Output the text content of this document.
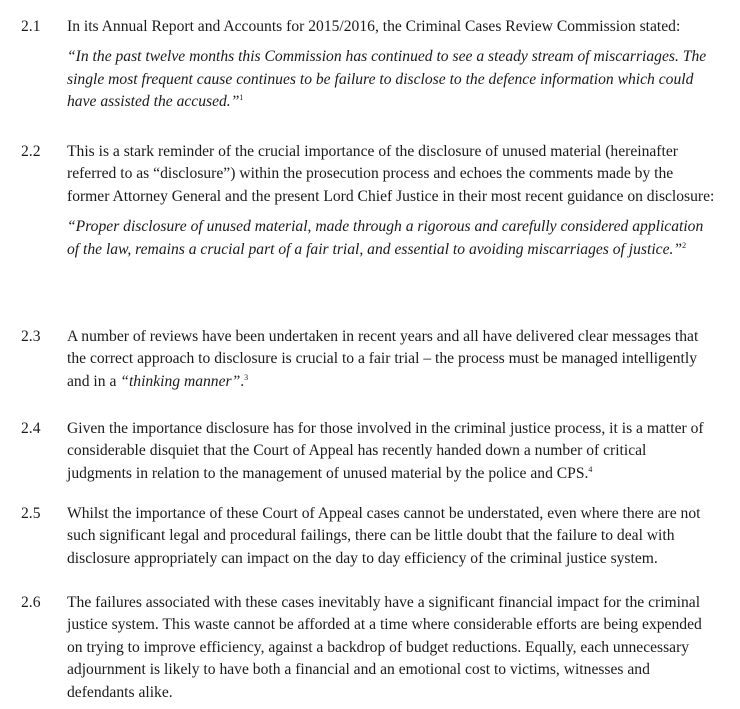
2.1 In its Annual Report and Accounts for 2015/2016, the Criminal Cases Review Commission stated:

“In the past twelve months this Commission has continued to see a steady stream of miscarriages. The single most frequent cause continues to be failure to disclose to the defence information which could have assisted the accused.”$^1$

2.2 This is a stark reminder of the crucial importance of the disclosure of unused material (hereinafter referred to as “disclosure”) within the prosecution process and echoes the comments made by the former Attorney General and the present Lord Chief Justice in their most recent guidance on disclosure:

“Proper disclosure of unused material, made through a rigorous and carefully considered application of the law, remains a crucial part of a fair trial, and essential to avoiding miscarriages of justice.”$^2$

2.3 A number of reviews have been undertaken in recent years and all have delivered clear messages that the correct approach to disclosure is crucial to a fair trial – the process must be managed intelligently and in a “thinking manner”.$^3$

2.4 Given the importance disclosure has for those involved in the criminal justice process, it is a matter of considerable disquiet that the Court of Appeal has recently handed down a number of critical judgments in relation to the management of unused material by the police and CPS.$^4$

2.5 Whilst the importance of these Court of Appeal cases cannot be understated, even where there are not such significant legal and procedural failings, there can be little doubt that the failure to deal with disclosure appropriately can impact on the day to day efficiency of the criminal justice system.

2.6 The failures associated with these cases inevitably have a significant financial impact for the criminal justice system. This waste cannot be afforded at a time where considerable efforts are being expended on trying to improve efficiency, against a backdrop of budget reductions. Equally, each unnecessary adjournment is likely to have both a financial and an emotional cost to victims, witnesses and defendants alike.
